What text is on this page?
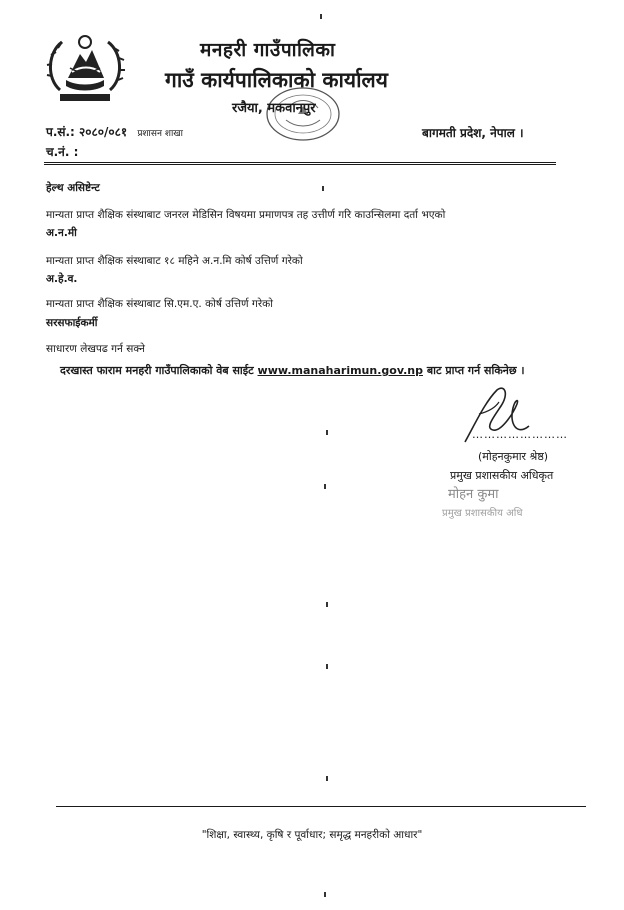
मनहरी गाउँपालिका
गाउँ कार्यपालिकाको कार्यालय
रजैया, मकवानपुर
प.सं.: २०८०/०८१ प्रशासन शाखा
च.नं. :
बागमती प्रदेश, नेपाल ।
हेल्थ असिष्टेन्ट
मान्यता प्राप्त शैक्षिक संस्थाबाट जनरल मेडिसिन विषयमा प्रमाणपत्र तह उत्तीर्ण गरि काउन्सिलमा दर्ता भएको
अ.न.मी
मान्यता प्राप्त शैक्षिक संस्थाबाट १८ महिने अ.न.मि कोर्ष उत्तिर्ण गरेको
अ.हे.व.
मान्यता प्राप्त शैक्षिक संस्थाबाट सि.एम.ए. कोर्ष उत्तिर्ण गरेको
सरसफाईकर्मी
साधारण लेखपढ गर्न सक्ने
दरखास्त फाराम मनहरी गाउँपालिकाको वेब साईट www.manaharimun.gov.np बाट प्राप्त गर्न सकिनेछ ।
……………………
(मोहनकुमार श्रेष्ठ)
प्रमुख प्रशासकीय अधिकृत
मोहन कुमा
प्रमुख प्रशासकीय अधि
"शिक्षा, स्वास्थ्य, कृषि र पूर्वाधार; समृद्ध मनहरीको आधार"
